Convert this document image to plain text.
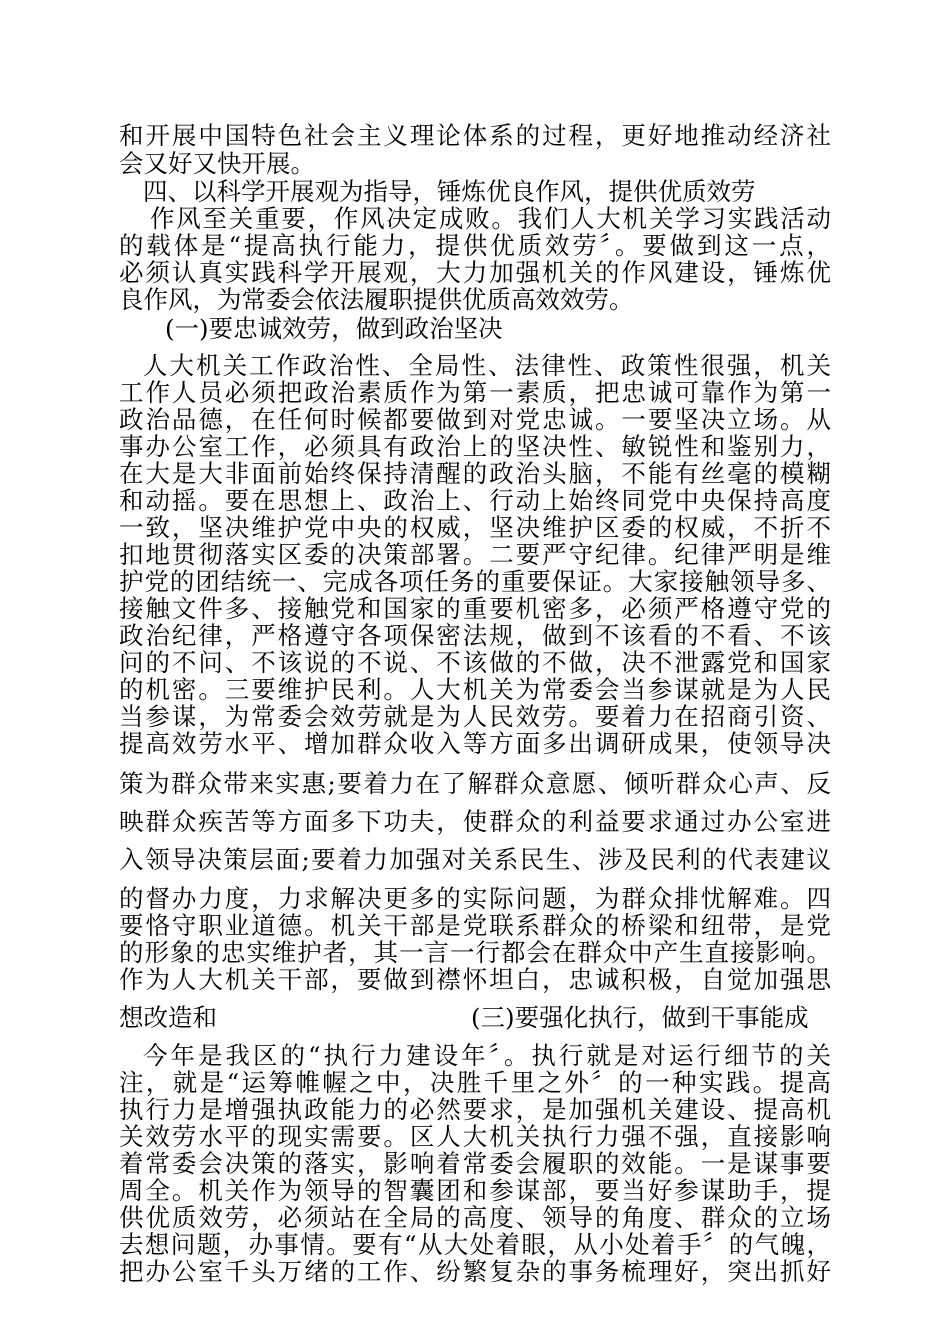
和开展中国特色社会主义理论体系的过程，更好地推动经济社
会又好又快开展。
四、以科学开展观为指导，锤炼优良作风，提供优质效劳
作风至关重要，作风决定成败。我们人大机关学习实践活动
的载体是“提高执行能力，提供优质效劳〞。要做到这一点，
必须认真实践科学开展观，大力加强机关的作风建设，锤炼优
良作风，为常委会依法履职提供优质高效效劳。
(一)要忠诚效劳，做到政治坚决
人大机关工作政治性、全局性、法律性、政策性很强，机关
工作人员必须把政治素质作为第一素质，把忠诚可靠作为第一
政治品德，在任何时候都要做到对党忠诚。一要坚决立场。从
事办公室工作，必须具有政治上的坚决性、敏锐性和鉴别力，
在大是大非面前始终保持清醒的政治头脑，不能有丝毫的模糊
和动摇。要在思想上、政治上、行动上始终同党中央保持高度
一致，坚决维护党中央的权威，坚决维护区委的权威，不折不
扣地贯彻落实区委的决策部署。二要严守纪律。纪律严明是维
护党的团结统一、完成各项任务的重要保证。大家接触领导多、
接触文件多、接触党和国家的重要机密多，必须严格遵守党的
政治纪律，严格遵守各项保密法规，做到不该看的不看、不该
问的不问、不该说的不说、不该做的不做，决不泄露党和国家
的机密。三要维护民利。人大机关为常委会当参谋就是为人民
当参谋，为常委会效劳就是为人民效劳。要着力在招商引资、
提高效劳水平、增加群众收入等方面多出调研成果，使领导决
策为群众带来实惠;要着力在了解群众意愿、倾听群众心声、反
映群众疾苦等方面多下功夫，使群众的利益要求通过办公室进
入领导决策层面;要着力加强对关系民生、涉及民利的代表建议
的督办力度，力求解决更多的实际问题，为群众排忧解难。四
要恪守职业道德。机关干部是党联系群众的桥梁和纽带，是党
的形象的忠实维护者，其一言一行都会在群众中产生直接影响。
作为人大机关干部，要做到襟怀坦白，忠诚积极，自觉加强思
想改造和	(三)要强化执行，做到干事能成
今年是我区的“执行力建设年〞。执行就是对运行细节的关
注，就是“运筹帷幄之中，决胜千里之外〞的一种实践。提高
执行力是增强执政能力的必然要求，是加强机关建设、提高机
关效劳水平的现实需要。区人大机关执行力强不强，直接影响
着常委会决策的落实，影响着常委会履职的效能。一是谋事要
周全。机关作为领导的智囊团和参谋部，要当好参谋助手，提
供优质效劳，必须站在全局的高度、领导的角度、群众的立场
去想问题，办事情。要有“从大处着眼，从小处着手〞的气魄，
把办公室千头万绪的工作、纷繁复杂的事务梳理好，突出抓好
